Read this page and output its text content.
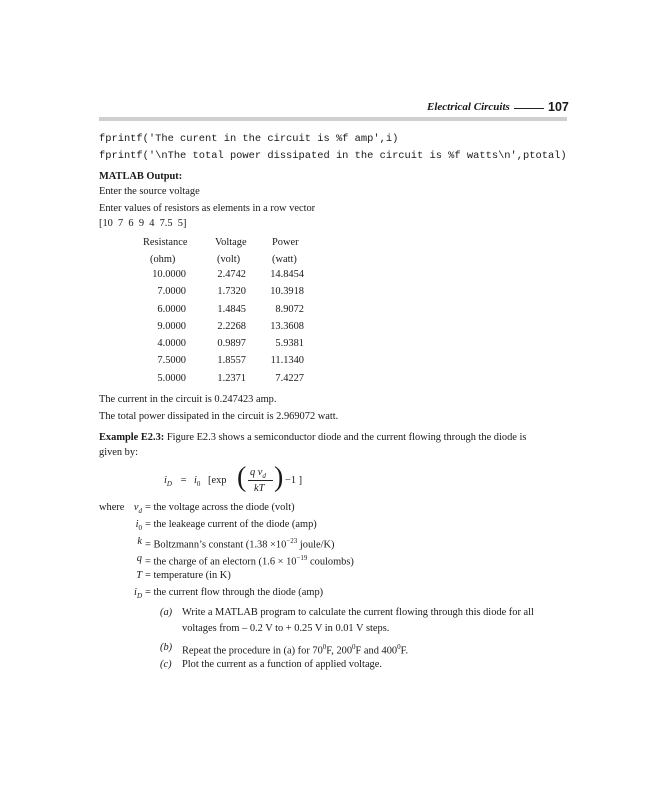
Electrical Circuits	107
fprintf('The curent in the circuit is %f amp',i)
fprintf('\nThe total power dissipated in the circuit is %f watts\n',ptotal)
MATLAB Output:
Enter the source voltage
Enter values of resistors as elements in a row vector
[10  7  6  9  4  7.5  5]
Resistance	Voltage Power
(ohm)	(volt)	(watt)
10.0000	2.4742	14.8454
7.0000	1.7320	10.3918
6.0000	1.4845	8.9072
9.0000	2.2268	13.3608
4.0000	0.9897	5.9381
7.5000	1.8557	11.1340
5.0000	1.2371	7.4227
The current in the circuit is 0.247423 amp.
The total power dissipated in the circuit is 2.969072 watt.
Example E2.3: Figure E2.3 shows a semiconductor diode and the current flowing through the diode is
given by:
$i_D = i_0$ [exp ( q $v_d$
kT ) −1 ]
where $v_d$ = the voltage across the diode (volt)
$i_0$ = the leakeage current of the diode (amp)
k = Boltzmann’s constant ($1.38 \times 10^{-23}$ joule/K)
q = the charge of an electorn ($1.6 \times 10^{-19}$ coulombs)
T = temperature (in K)
$i_D$ = the current flow through the diode (amp)
(a) Write a MATLAB program to calculate the current flowing through this diode for all
voltages from – 0.2 V to + 0.25 V in 0.01 V steps.
(b) Repeat the procedure in (a) for $70^0F$, $200^0F$ and $400^0F$.
(c) Plot the current as a function of applied voltage.
